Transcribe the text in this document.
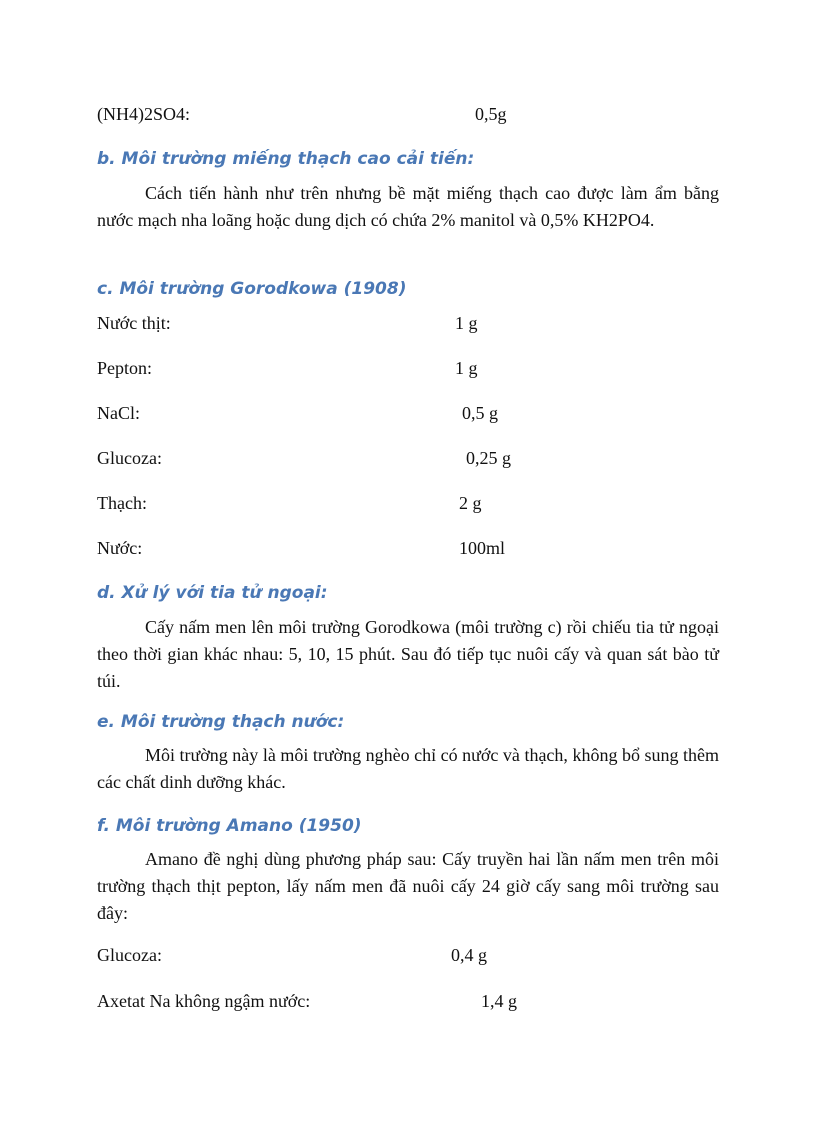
(NH4)2SO4:	0,5g
b. Môi trường miếng thạch cao cải tiến:

Cách tiến hành như trên nhưng bề mặt miếng thạch cao được làm ẩm bằng nước mạch nha loãng hoặc dung dịch có chứa 2% manitol và 0,5% KH2PO4.

c. Môi trường Gorodkowa (1908)
Nước thịt:	1 g
Pepton:	1 g
NaCl:	0,5 g
Glucoza:	0,25 g
Thạch:	2 g
Nước:	100ml
d. Xử lý với tia tử ngoại:

Cấy nấm men lên môi trường Gorodkowa (môi trường c) rồi chiếu tia tử ngoại theo thời gian khác nhau: 5, 10, 15 phút. Sau đó tiếp tục nuôi cấy và quan sát bào tử túi.

e. Môi trường thạch nước:

Môi trường này là môi trường nghèo chỉ có nước và thạch, không bổ sung thêm các chất dinh dưỡng khác.

f. Môi trường Amano (1950)

Amano đề nghị dùng phương pháp sau: Cấy truyền hai lần nấm men trên môi trường thạch thịt pepton, lấy nấm men đã nuôi cấy 24 giờ cấy sang môi trường sau đây:

Glucoza:	0,4 g
Axetat Na không ngậm nước:	1,4 g
